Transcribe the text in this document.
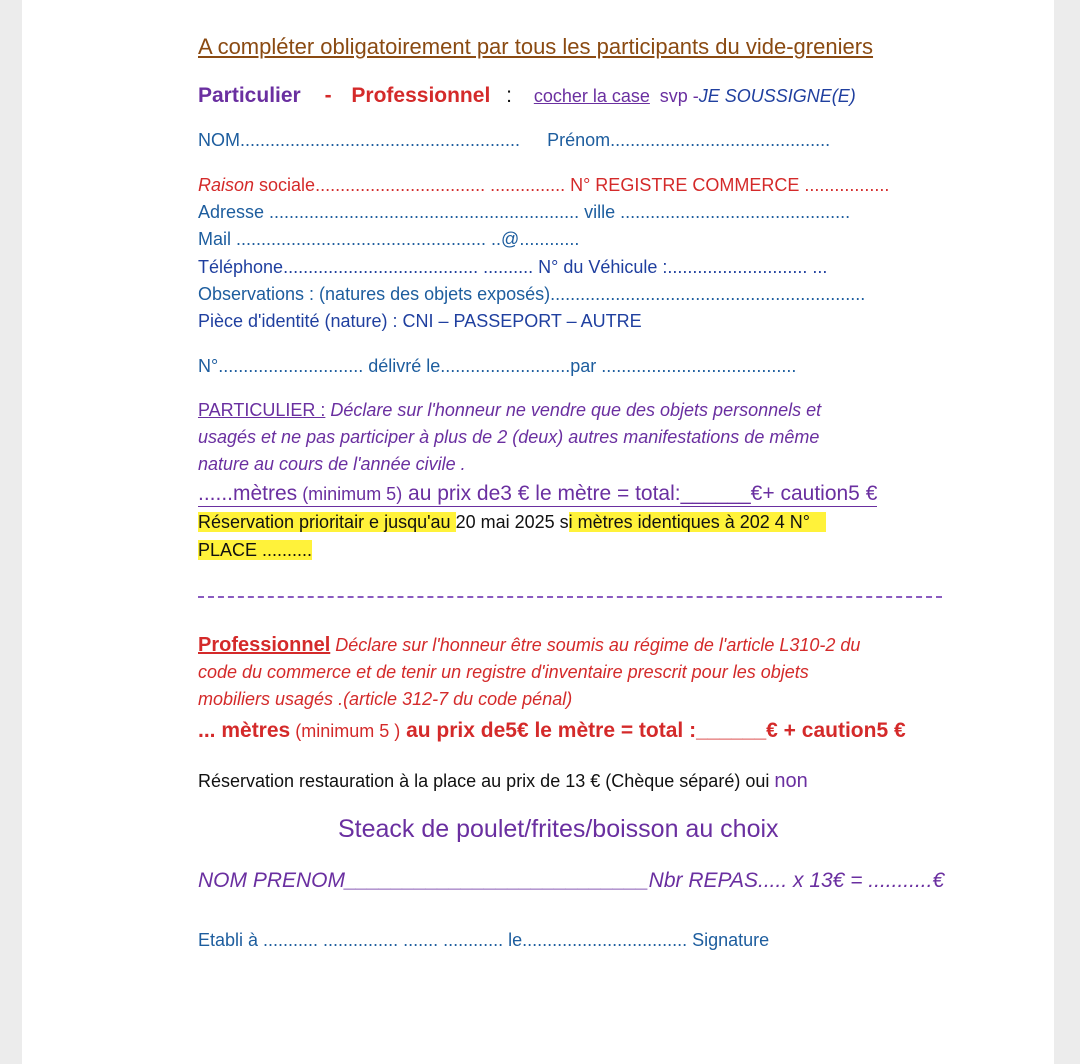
A compléter obligatoirement par tous les participants du vide-greniers
Particulier - Professionnel : cocher la case svp -JE SOUSSIGNE(E)
NOM........................................................ Prénom............................................
Raison sociale.................................. ............... N° REGISTRE COMMERCE .................
Adresse .............................................................. ville ..............................................
Mail .................................................. ..@............
Téléphone....................................... .......... N° du Véhicule :............................ ...
Observations : (natures des objets exposés)...............................................................
Pièce d'identité (nature) : CNI – PASSEPORT – AUTRE
N°............................. délivré le..........................par .......................................
PARTICULIER : Déclare sur l'honneur ne vendre que des objets personnels et
usagés et ne pas participer à plus de 2 (deux) autres manifestations de même
nature au cours de l'année civile .
......mètres (minimum 5) au prix de3 € le mètre = total:______€+ caution5 €
Réservation prioritair e jusqu'au 20 mai 2025 si mètres identiques à 202 4 N°
PLACE ..........
Professionnel Déclare sur l'honneur être soumis au régime de l'article L310-2 du
code du commerce et de tenir un registre d'inventaire prescrit pour les objets
mobiliers usagés .(article 312-7 du code pénal)
... mètres (minimum 5 ) au prix de5€ le mètre = total :______€ + caution5 €
Réservation restauration à la place au prix de 13 € (Chèque séparé) oui non
Steack de poulet/frites/boisson au choix
NOM PRENOM__________________________Nbr REPAS..... x 13€ = ...........€
Etabli à ........... ............... ....... ............ le................................. Signature
